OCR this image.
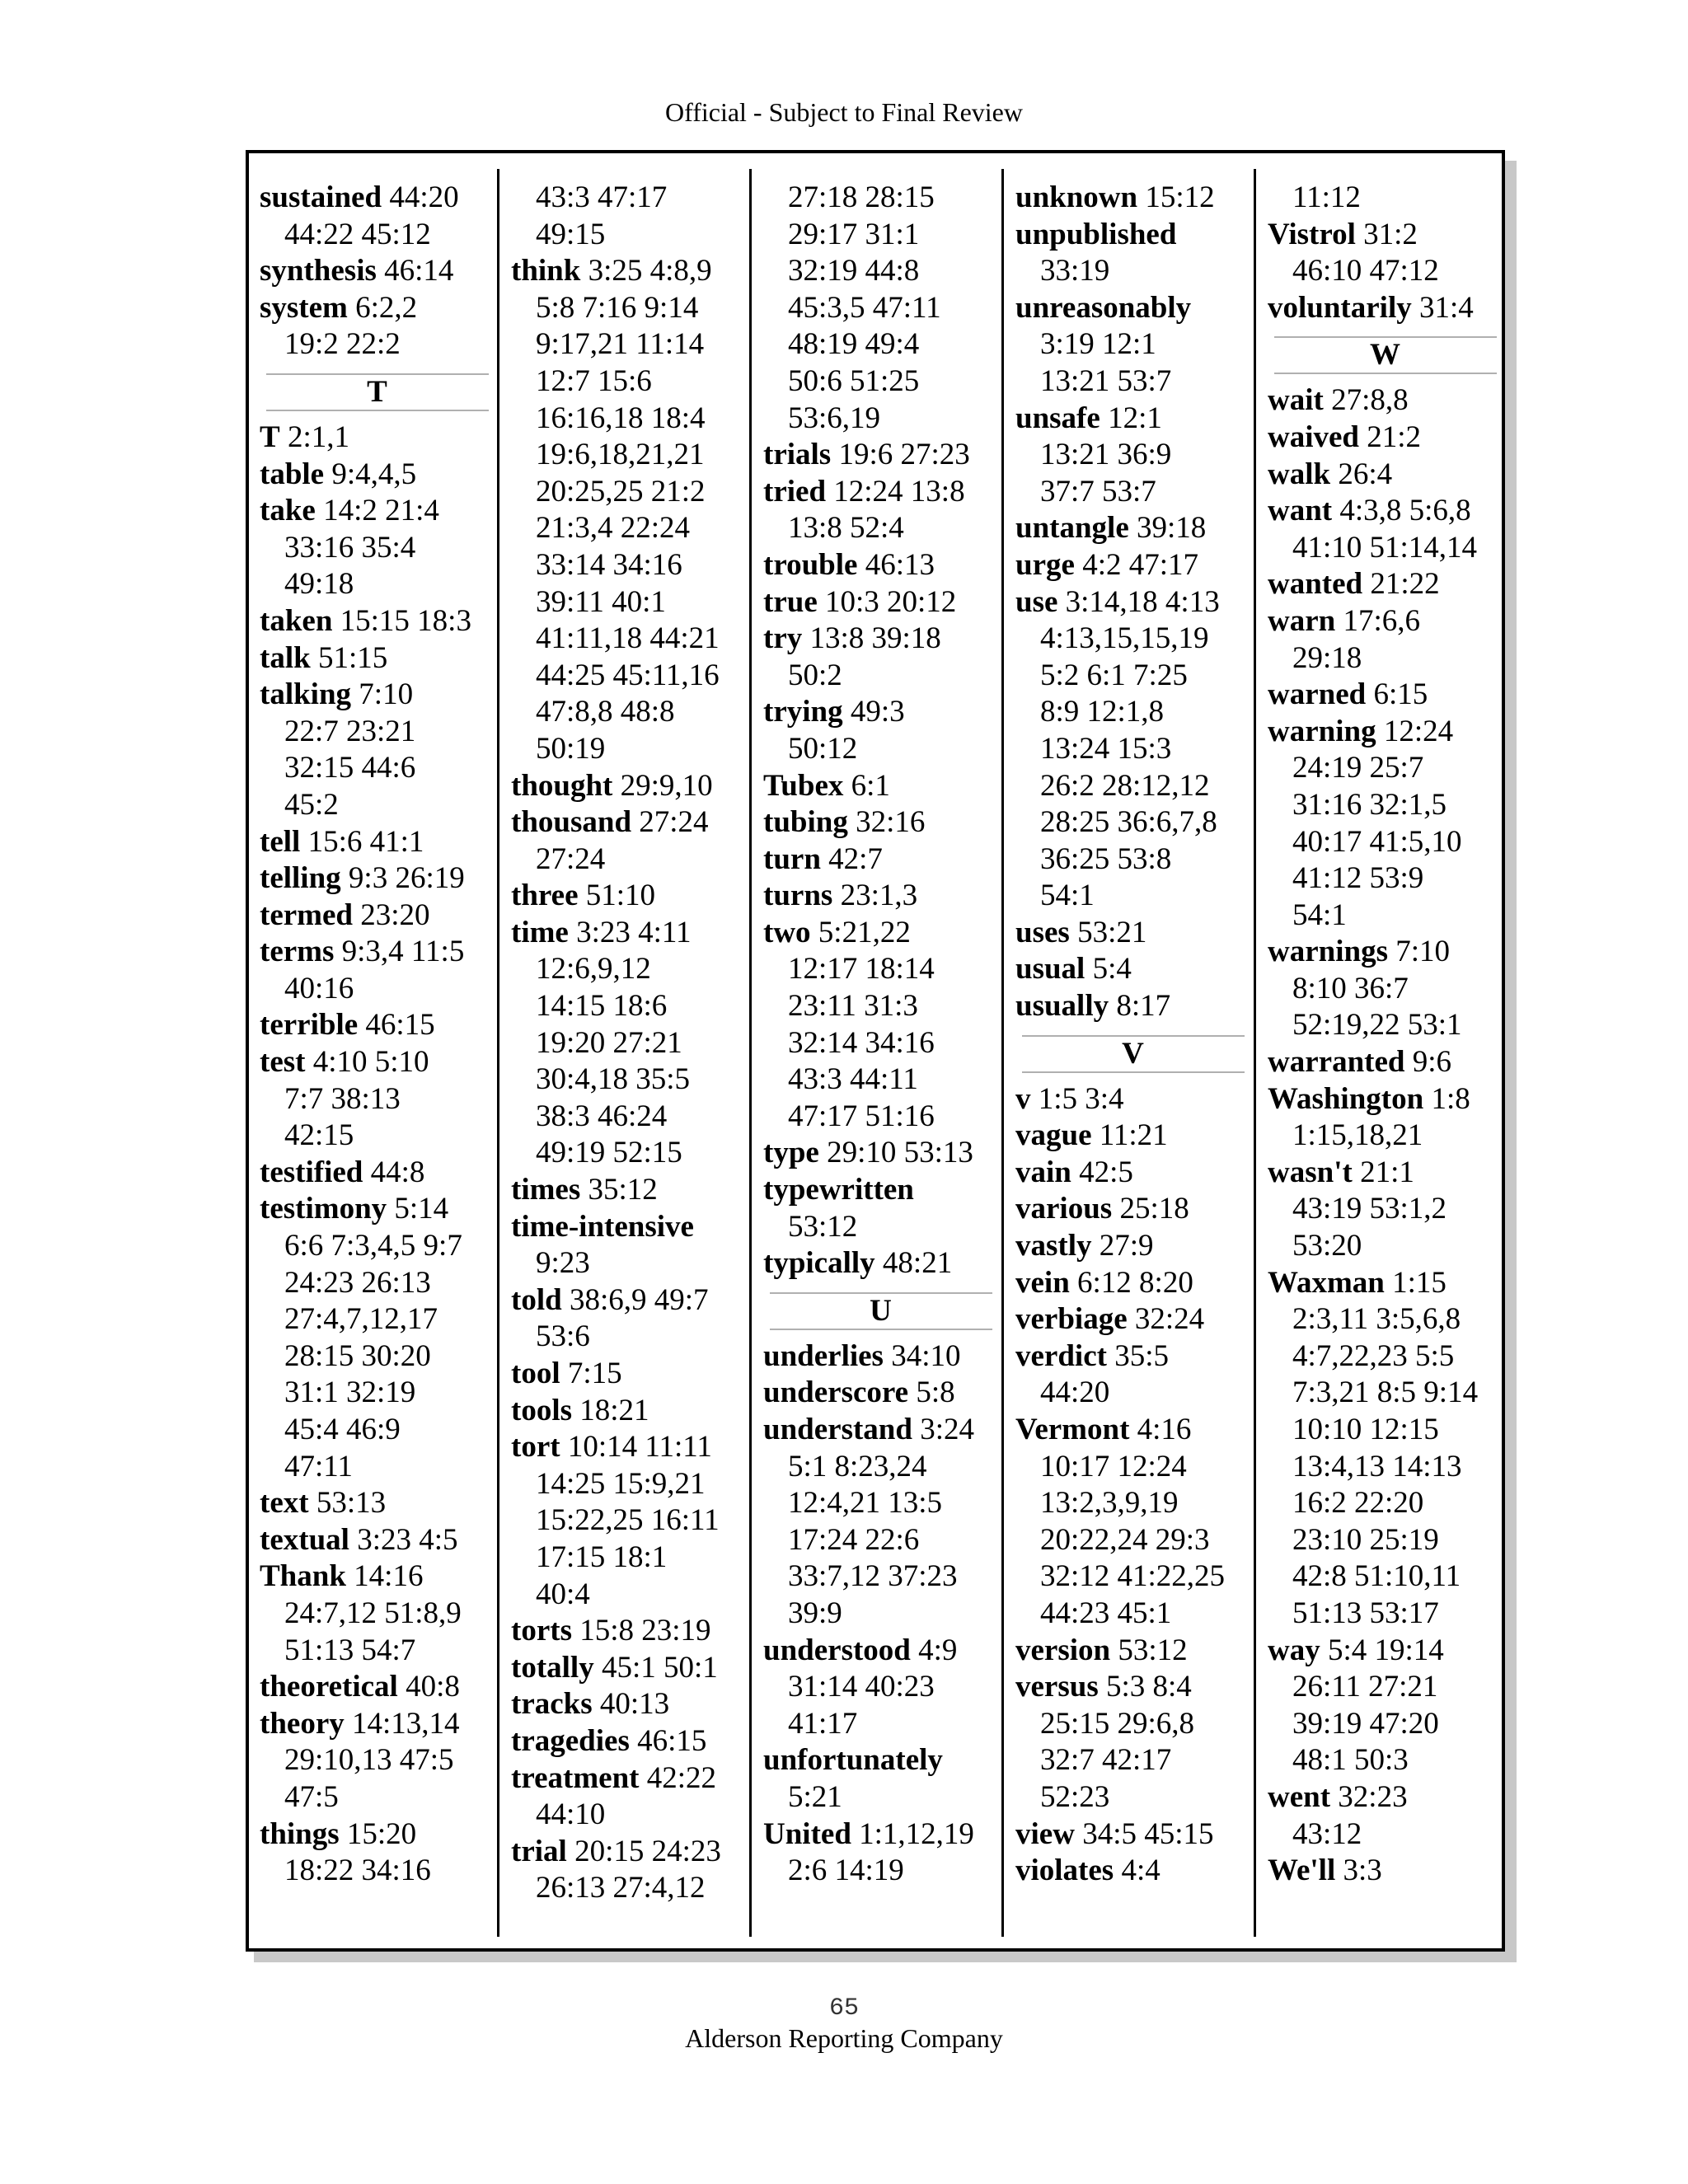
Official - Subject to Final Review
sustained 44:20
44:22 45:12
synthesis 46:14
system 6:2,2
19:2 22:2
T
T 2:1,1
table 9:4,4,5
take 14:2 21:4
33:16 35:4
49:18
taken 15:15 18:3
talk 51:15
talking 7:10
22:7 23:21
32:15 44:6
45:2
tell 15:6 41:1
telling 9:3 26:19
termed 23:20
terms 9:3,4 11:5
40:16
terrible 46:15
test 4:10 5:10
7:7 38:13
42:15
testified 44:8
testimony 5:14
6:6 7:3,4,5 9:7
24:23 26:13
27:4,7,12,17
28:15 30:20
31:1 32:19
45:4 46:9
47:11
text 53:13
textual 3:23 4:5
Thank 14:16
24:7,12 51:8,9
51:13 54:7
theoretical 40:8
theory 14:13,14
29:10,13 47:5
47:5
things 15:20
18:22 34:16
43:3 47:17
49:15
think 3:25 4:8,9
5:8 7:16 9:14
9:17,21 11:14
12:7 15:6
16:16,18 18:4
19:6,18,21,21
20:25,25 21:2
21:3,4 22:24
33:14 34:16
39:11 40:1
41:11,18 44:21
44:25 45:11,16
47:8,8 48:8
50:19
thought 29:9,10
thousand 27:24
27:24
three 51:10
time 3:23 4:11
12:6,9,12
14:15 18:6
19:20 27:21
30:4,18 35:5
38:3 46:24
49:19 52:15
times 35:12
time-intensive
9:23
told 38:6,9 49:7
53:6
tool 7:15
tools 18:21
tort 10:14 11:11
14:25 15:9,21
15:22,25 16:11
17:15 18:1
40:4
torts 15:8 23:19
totally 45:1 50:1
tracks 40:13
tragedies 46:15
treatment 42:22
44:10
trial 20:15 24:23
26:13 27:4,12
27:18 28:15
29:17 31:1
32:19 44:8
45:3,5 47:11
48:19 49:4
50:6 51:25
53:6,19
trials 19:6 27:23
tried 12:24 13:8
13:8 52:4
trouble 46:13
true 10:3 20:12
try 13:8 39:18
50:2
trying 49:3
50:12
Tubex 6:1
tubing 32:16
turn 42:7
turns 23:1,3
two 5:21,22
12:17 18:14
23:11 31:3
32:14 34:16
43:3 44:11
47:17 51:16
type 29:10 53:13
typewritten
53:12
typically 48:21
U
underlies 34:10
underscore 5:8
understand 3:24
5:1 8:23,24
12:4,21 13:5
17:24 22:6
33:7,12 37:23
39:9
understood 4:9
31:14 40:23
41:17
unfortunately
5:21
United 1:1,12,19
2:6 14:19
unknown 15:12
unpublished
33:19
unreasonably
3:19 12:1
13:21 53:7
unsafe 12:1
13:21 36:9
37:7 53:7
untangle 39:18
urge 4:2 47:17
use 3:14,18 4:13
4:13,15,15,19
5:2 6:1 7:25
8:9 12:1,8
13:24 15:3
26:2 28:12,12
28:25 36:6,7,8
36:25 53:8
54:1
uses 53:21
usual 5:4
usually 8:17
V
v 1:5 3:4
vague 11:21
vain 42:5
various 25:18
vastly 27:9
vein 6:12 8:20
verbiage 32:24
verdict 35:5
44:20
Vermont 4:16
10:17 12:24
13:2,3,9,19
20:22,24 29:3
32:12 41:22,25
44:23 45:1
version 53:12
versus 5:3 8:4
25:15 29:6,8
32:7 42:17
52:23
view 34:5 45:15
violates 4:4
11:12
Vistrol 31:2
46:10 47:12
voluntarily 31:4
W
wait 27:8,8
waived 21:2
walk 26:4
want 4:3,8 5:6,8
41:10 51:14,14
wanted 21:22
warn 17:6,6
29:18
warned 6:15
warning 12:24
24:19 25:7
31:16 32:1,5
40:17 41:5,10
41:12 53:9
54:1
warnings 7:10
8:10 36:7
52:19,22 53:1
warranted 9:6
Washington 1:8
1:15,18,21
wasn't 21:1
43:19 53:1,2
53:20
Waxman 1:15
2:3,11 3:5,6,8
4:7,22,23 5:5
7:3,21 8:5 9:14
10:10 12:15
13:4,13 14:13
16:2 22:20
23:10 25:19
42:8 51:10,11
51:13 53:17
way 5:4 19:14
26:11 27:21
39:19 47:20
48:1 50:3
went 32:23
43:12
We'll 3:3
65
Alderson Reporting Company
